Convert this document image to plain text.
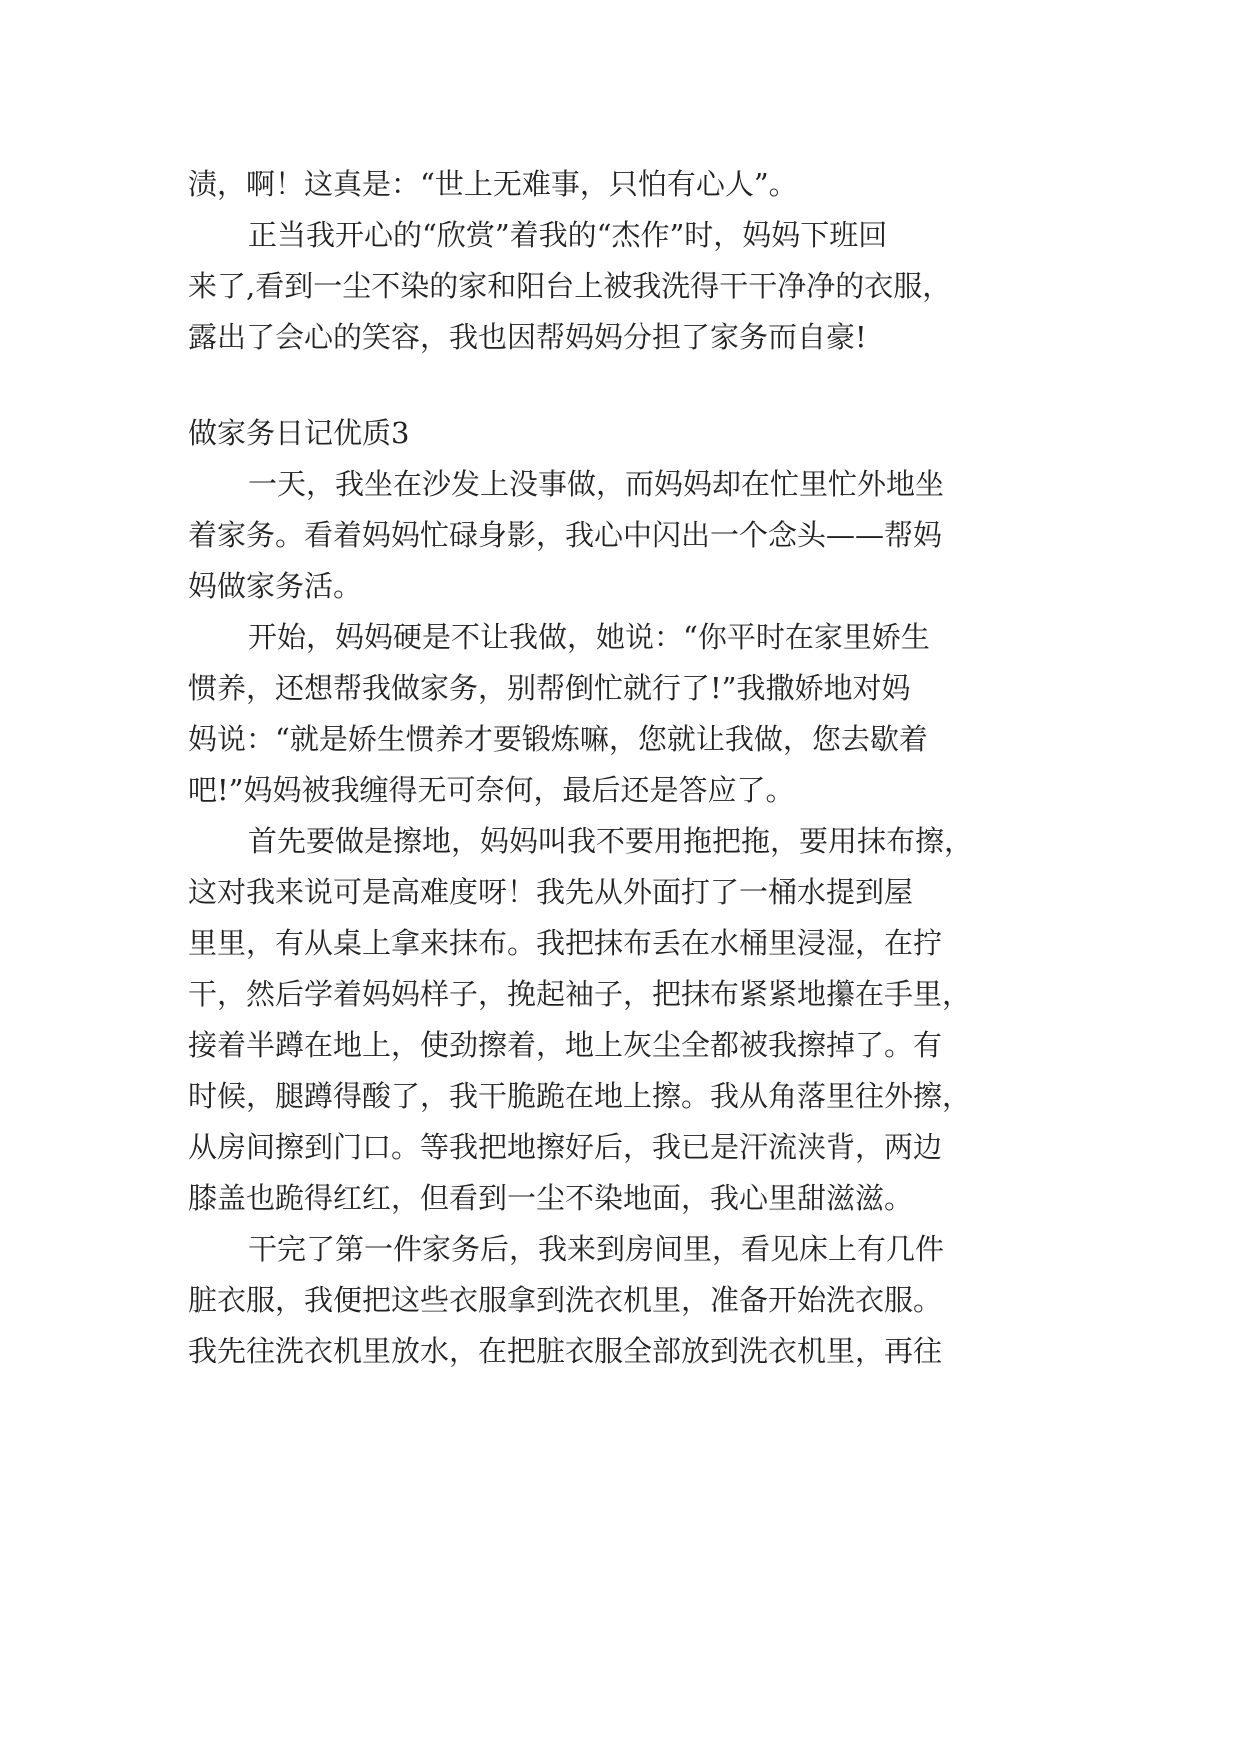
渍，啊！这真是：“世上无难事，只怕有心人”。
正当我开心的“欣赏”着我的“杰作”时，妈妈下班回
来了,看到一尘不染的家和阳台上被我洗得干干净净的衣服，
露出了会心的笑容，我也因帮妈妈分担了家务而自豪!
做家务日记优质3
一天，我坐在沙发上没事做，而妈妈却在忙里忙外地坐
着家务。看着妈妈忙碌身影，我心中闪出一个念头——帮妈
妈做家务活。
开始，妈妈硬是不让我做，她说：“你平时在家里娇生
惯养，还想帮我做家务，别帮倒忙就行了!”我撒娇地对妈
妈说：“就是娇生惯养才要锻炼嘛，您就让我做，您去歇着
吧!”妈妈被我缠得无可奈何，最后还是答应了。
首先要做是擦地，妈妈叫我不要用拖把拖，要用抹布擦，
这对我来说可是高难度呀！我先从外面打了一桶水提到屋
里里，有从桌上拿来抹布。我把抹布丢在水桶里浸湿，在拧
干，然后学着妈妈样子，挽起袖子，把抹布紧紧地攥在手里，
接着半蹲在地上，使劲擦着，地上灰尘全都被我擦掉了。有
时候，腿蹲得酸了，我干脆跪在地上擦。我从角落里往外擦，
从房间擦到门口。等我把地擦好后，我已是汗流浃背，两边
膝盖也跪得红红，但看到一尘不染地面，我心里甜滋滋。
干完了第一件家务后，我来到房间里，看见床上有几件
脏衣服，我便把这些衣服拿到洗衣机里，准备开始洗衣服。
我先往洗衣机里放水，在把脏衣服全部放到洗衣机里，再往
